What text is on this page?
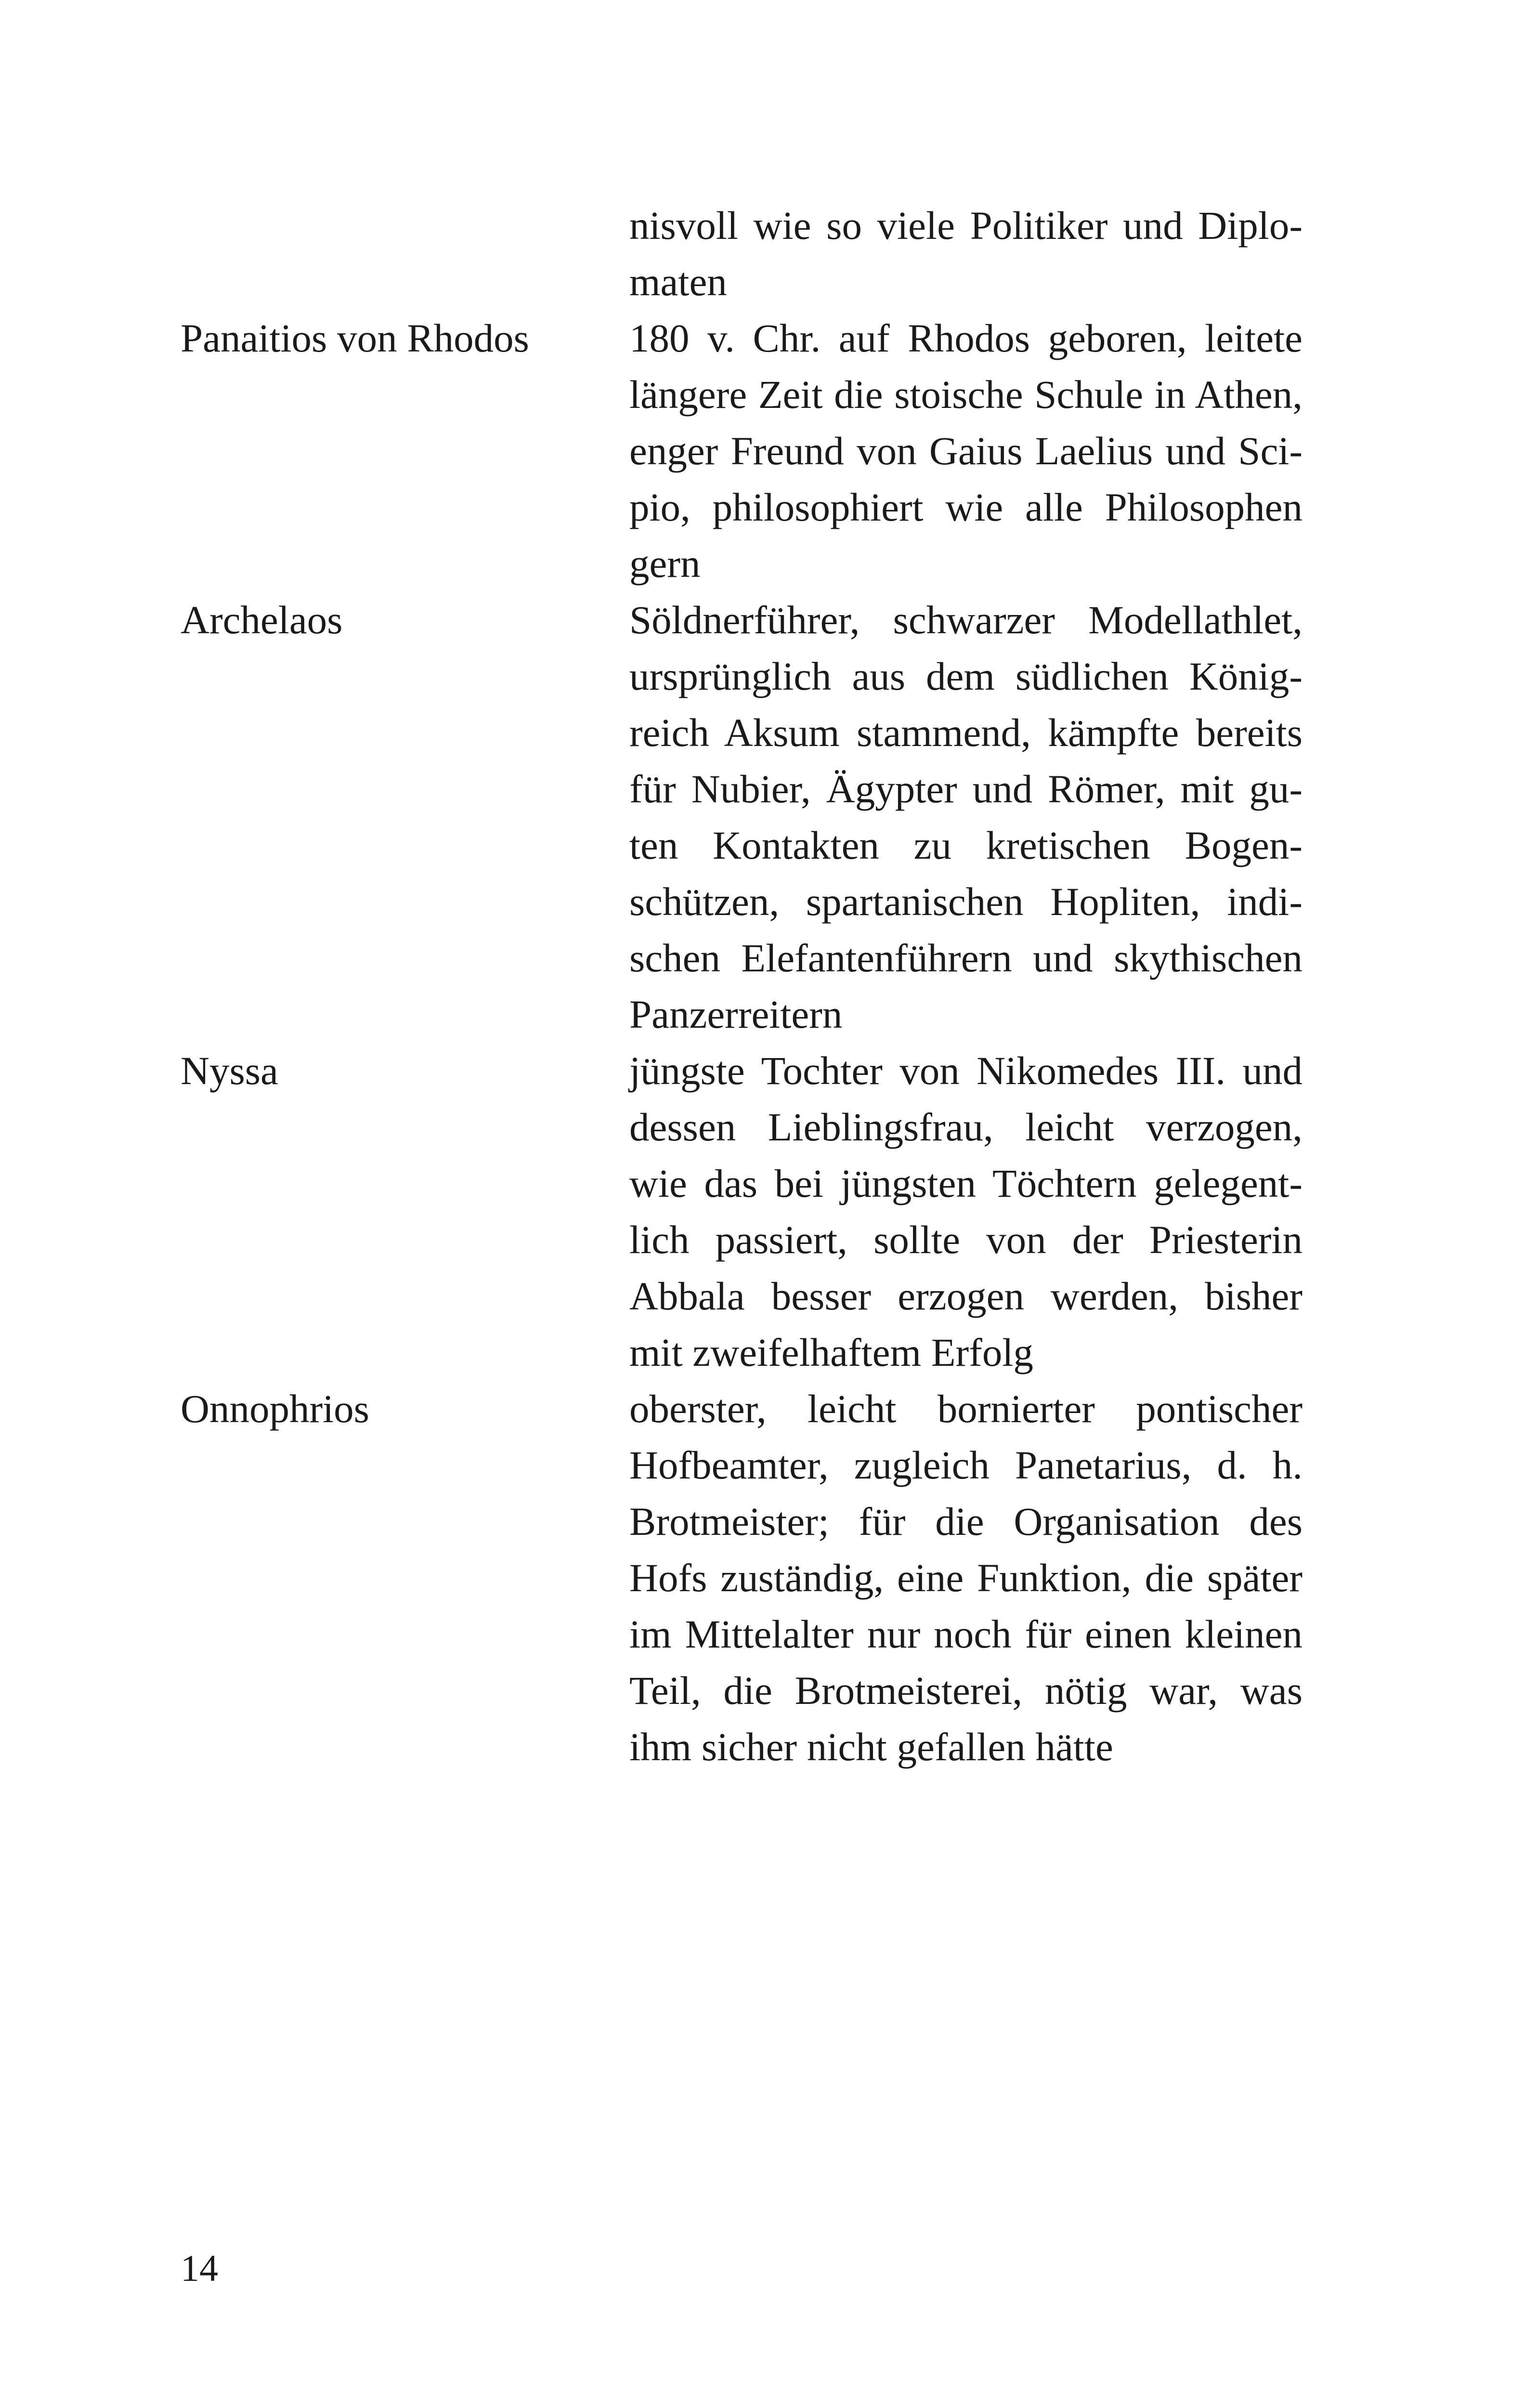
nisvoll wie so viele Politiker und Diplo-
maten
Panaitios von Rhodos	180 v. Chr. auf Rhodos geboren, leitete
längere Zeit die stoische Schule in Athen,
enger Freund von Gaius Laelius und Sci-
pio, philosophiert wie alle Philosophen
gern
Archelaos	Söldnerführer, schwarzer Modellathlet,
ursprünglich aus dem südlichen König-
reich Aksum stammend, kämpfte bereits
für Nubier, Ägypter und Römer, mit gu-
ten Kontakten zu kretischen Bogen-
schützen, spartanischen Hopliten, indi-
schen Elefantenführern und skythischen
Panzerreitern
Nyssa	jüngste Tochter von Nikomedes III. und
dessen Lieblingsfrau, leicht verzogen,
wie das bei jüngsten Töchtern gelegent-
lich passiert, sollte von der Priesterin
Abbala besser erzogen werden, bisher
mit zweifelhaftem Erfolg
Onnophrios	oberster, leicht bornierter pontischer
Hofbeamter, zugleich Panetarius, d. h.
Brotmeister; für die Organisation des
Hofs zuständig, eine Funktion, die später
im Mittelalter nur noch für einen kleinen
Teil, die Brotmeisterei, nötig war, was
ihm sicher nicht gefallen hätte
14
